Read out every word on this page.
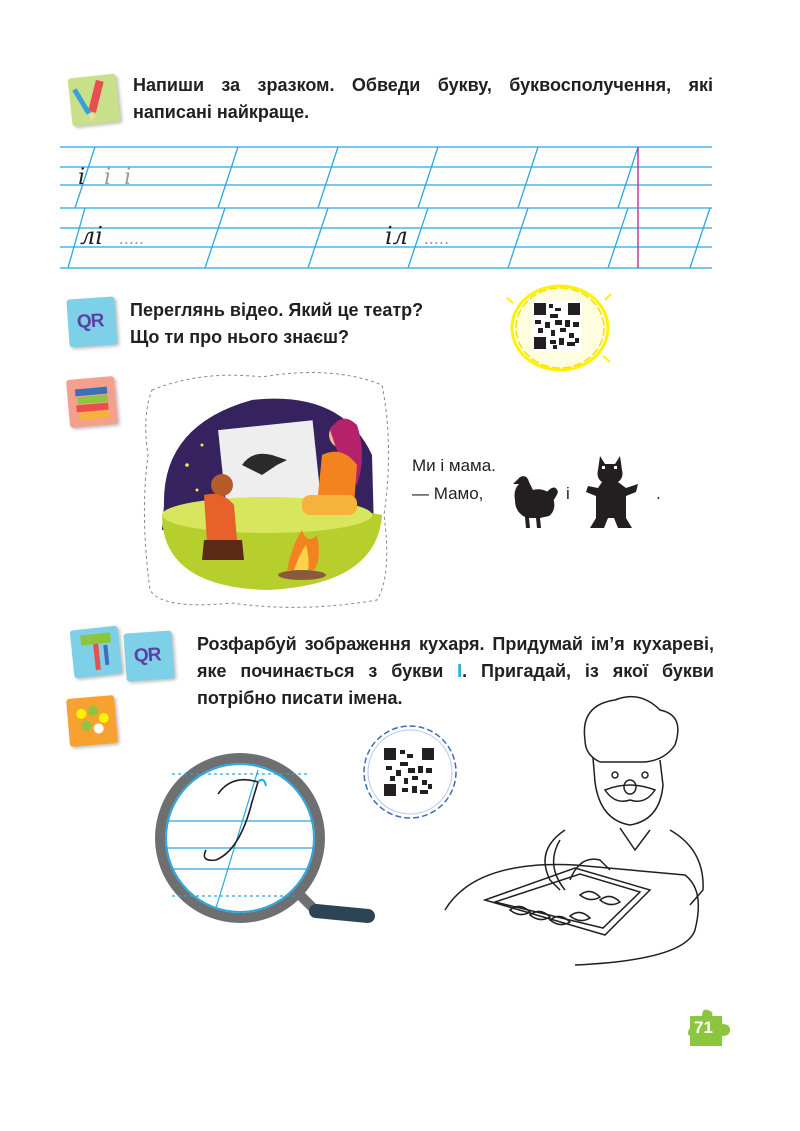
Напиши за зразком. Обведи букву, буквосполучення, які написані найкраще.
і і і
лі .....	іл .....
QR
Переглянь відео. Який це театр?
Що ти про нього знаєш?
Ми і мама.
— Мамо,	і	.
QR
Розфарбуй зображення кухаря. Придумай ім’я кухареві, яке починається з букви І. Пригадай, із якої букви потрібно писати імена.
71
